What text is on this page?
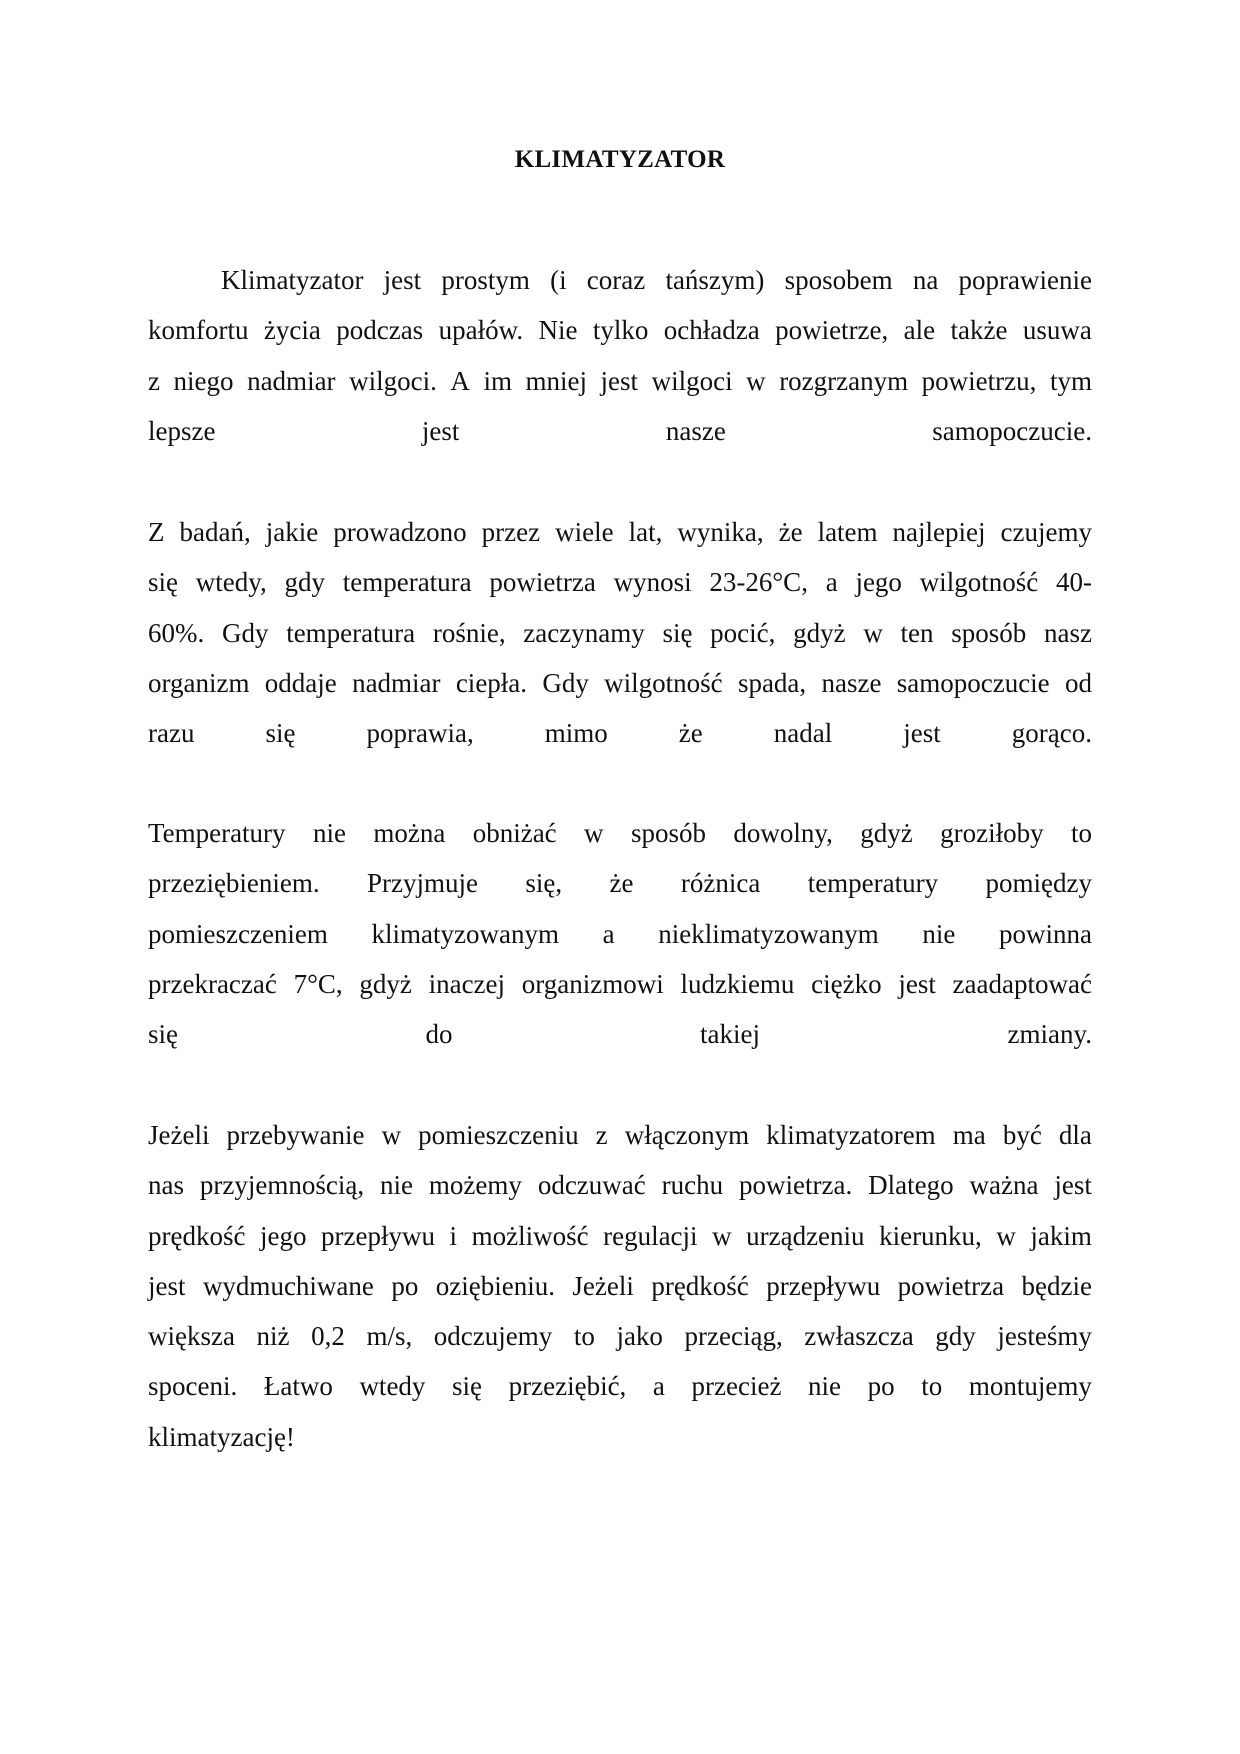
KLIMATYZATOR
Klimatyzator jest prostym (i coraz tańszym) sposobem na poprawienie
komfortu życia podczas upałów. Nie tylko ochładza powietrze, ale także usuwa
z niego nadmiar wilgoci. A im mniej jest wilgoci w rozgrzanym powietrzu, tym
lepsze	jest	nasze	samopoczucie.
Z badań, jakie prowadzono przez wiele lat, wynika, że latem najlepiej czujemy
się wtedy, gdy temperatura powietrza wynosi 23-26°C, a jego wilgotność 40-
60%. Gdy temperatura rośnie, zaczynamy się pocić, gdyż w ten sposób nasz
organizm oddaje nadmiar ciepła. Gdy wilgotność spada, nasze samopoczucie od
razu	się	poprawia,	mimo	że	nadal	jest	gorąco.
Temperatury nie można obniżać w sposób dowolny, gdyż groziłoby to
przeziębieniem. Przyjmuje się, że różnica temperatury pomiędzy
pomieszczeniem klimatyzowanym a nieklimatyzowanym nie powinna
przekraczać 7°C, gdyż inaczej organizmowi ludzkiemu ciężko jest zaadaptować
się	do	takiej	zmiany.
Jeżeli przebywanie w pomieszczeniu z włączonym klimatyzatorem ma być dla
nas przyjemnością, nie możemy odczuwać ruchu powietrza. Dlatego ważna jest
prędkość jego przepływu i możliwość regulacji w urządzeniu kierunku, w jakim
jest wydmuchiwane po oziębieniu. Jeżeli prędkość przepływu powietrza będzie
większa niż 0,2 m/s, odczujemy to jako przeciąg, zwłaszcza gdy jesteśmy
spoceni. Łatwo wtedy się przeziębić, a przecież nie po to montujemy
klimatyzację!
